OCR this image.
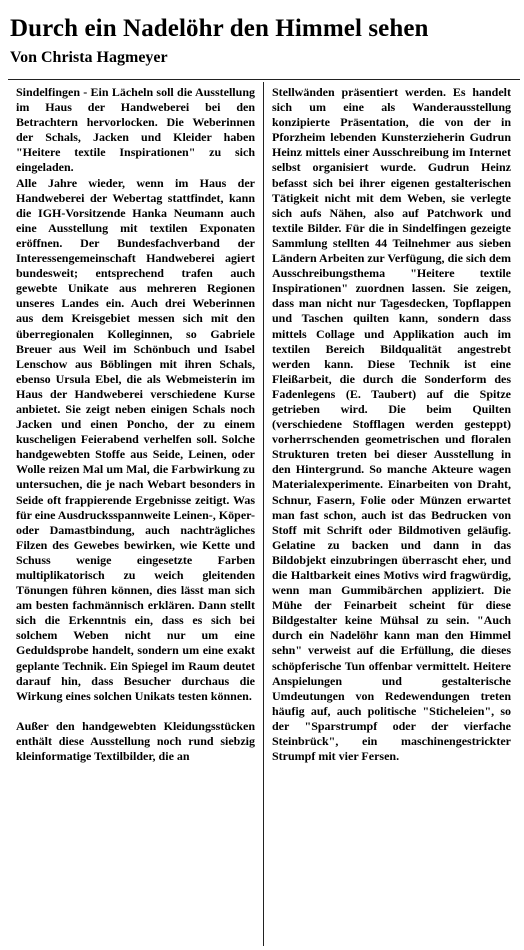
Durch ein Nadelöhr den Himmel sehen
Von Christa Hagmeyer

Sindelfingen - Ein Lächeln soll die Ausstellung im Haus der Handweberei bei den Betrachtern hervorlocken. Die Weberinnen der Schals, Jacken und Kleider haben "Heitere textile Inspirationen" zu sich eingeladen.

Alle Jahre wieder, wenn im Haus der Handweberei der Webertag stattfindet, kann die IGH-Vorsitzende Hanka Neumann auch eine Ausstellung mit textilen Exponaten eröffnen. Der Bundesfachverband der Interessengemeinschaft Handweberei agiert bundesweit; entsprechend trafen auch gewebte Unikate aus mehreren Regionen unseres Landes ein. Auch drei Weberinnen aus dem Kreisgebiet messen sich mit den überregionalen Kolleginnen, so Gabriele Breuer aus Weil im Schönbuch und Isabel Lenschow aus Böblingen mit ihren Schals, ebenso Ursula Ebel, die als Webmeisterin im Haus der Handweberei verschiedene Kurse anbietet. Sie zeigt neben einigen Schals noch Jacken und einen Poncho, der zu einem kuscheligen Feierabend verhelfen soll. Solche handgewebten Stoffe aus Seide, Leinen, oder Wolle reizen Mal um Mal, die Farbwirkung zu untersuchen, die je nach Webart besonders in Seide oft frappierende Ergebnisse zeitigt. Was für eine Ausdrucksspannweite Leinen-, Köper- oder Damastbindung, auch nachträgliches Filzen des Gewebes bewirken, wie Kette und Schuss wenige eingesetzte Farben multiplikatorisch zu weich gleitenden Tönungen führen können, dies lässt man sich am besten fachmännisch erklären. Dann stellt sich die Erkenntnis ein, dass es sich bei solchem Weben nicht nur um eine Geduldsprobe handelt, sondern um eine exakt geplante Technik. Ein Spiegel im Raum deutet darauf hin, dass Besucher durchaus die Wirkung eines solchen Unikats testen können.

Außer den handgewebten Kleidungsstücken enthält diese Ausstellung noch rund siebzig kleinformatige Textilbilder, die an

Stellwänden präsentiert werden. Es handelt sich um eine als Wanderausstellung konzipierte Präsentation, die von der in Pforzheim lebenden Kunsterzieherin Gudrun Heinz mittels einer Ausschreibung im Internet selbst organisiert wurde. Gudrun Heinz befasst sich bei ihrer eigenen gestalterischen Tätigkeit nicht mit dem Weben, sie verlegte sich aufs Nähen, also auf Patchwork und textile Bilder. Für die in Sindelfingen gezeigte Sammlung stellten 44 Teilnehmer aus sieben Ländern Arbeiten zur Verfügung, die sich dem Ausschreibungsthema "Heitere textile Inspirationen" zuordnen lassen. Sie zeigen, dass man nicht nur Tagesdecken, Topflappen und Taschen quilten kann, sondern dass mittels Collage und Applikation auch im textilen Bereich Bildqualität angestrebt werden kann. Diese Technik ist eine Fleißarbeit, die durch die Sonderform des Fadenlegens (E. Taubert) auf die Spitze getrieben wird. Die beim Quilten (verschiedene Stofflagen werden gesteppt) vorherrschenden geometrischen und floralen Strukturen treten bei dieser Ausstellung in den Hintergrund. So manche Akteure wagen Materialexperimente. Einarbeiten von Draht, Schnur, Fasern, Folie oder Münzen erwartet man fast schon, auch ist das Bedrucken von Stoff mit Schrift oder Bildmotiven geläufig. Gelatine zu backen und dann in das Bildobjekt einzubringen überrascht eher, und die Haltbarkeit eines Motivs wird fragwürdig, wenn man Gummibärchen appliziert. Die Mühe der Feinarbeit scheint für diese Bildgestalter keine Mühsal zu sein. "Auch durch ein Nadelöhr kann man den Himmel sehn" verweist auf die Erfüllung, die dieses schöpferische Tun offenbar vermittelt. Heitere Anspielungen und gestalterische Umdeutungen von Redewendungen treten häufig auf, auch politische "Sticheleien", so der "Sparstrumpf oder der vierfache Steinbrück", ein maschinengestrickter Strumpf mit vier Fersen.
